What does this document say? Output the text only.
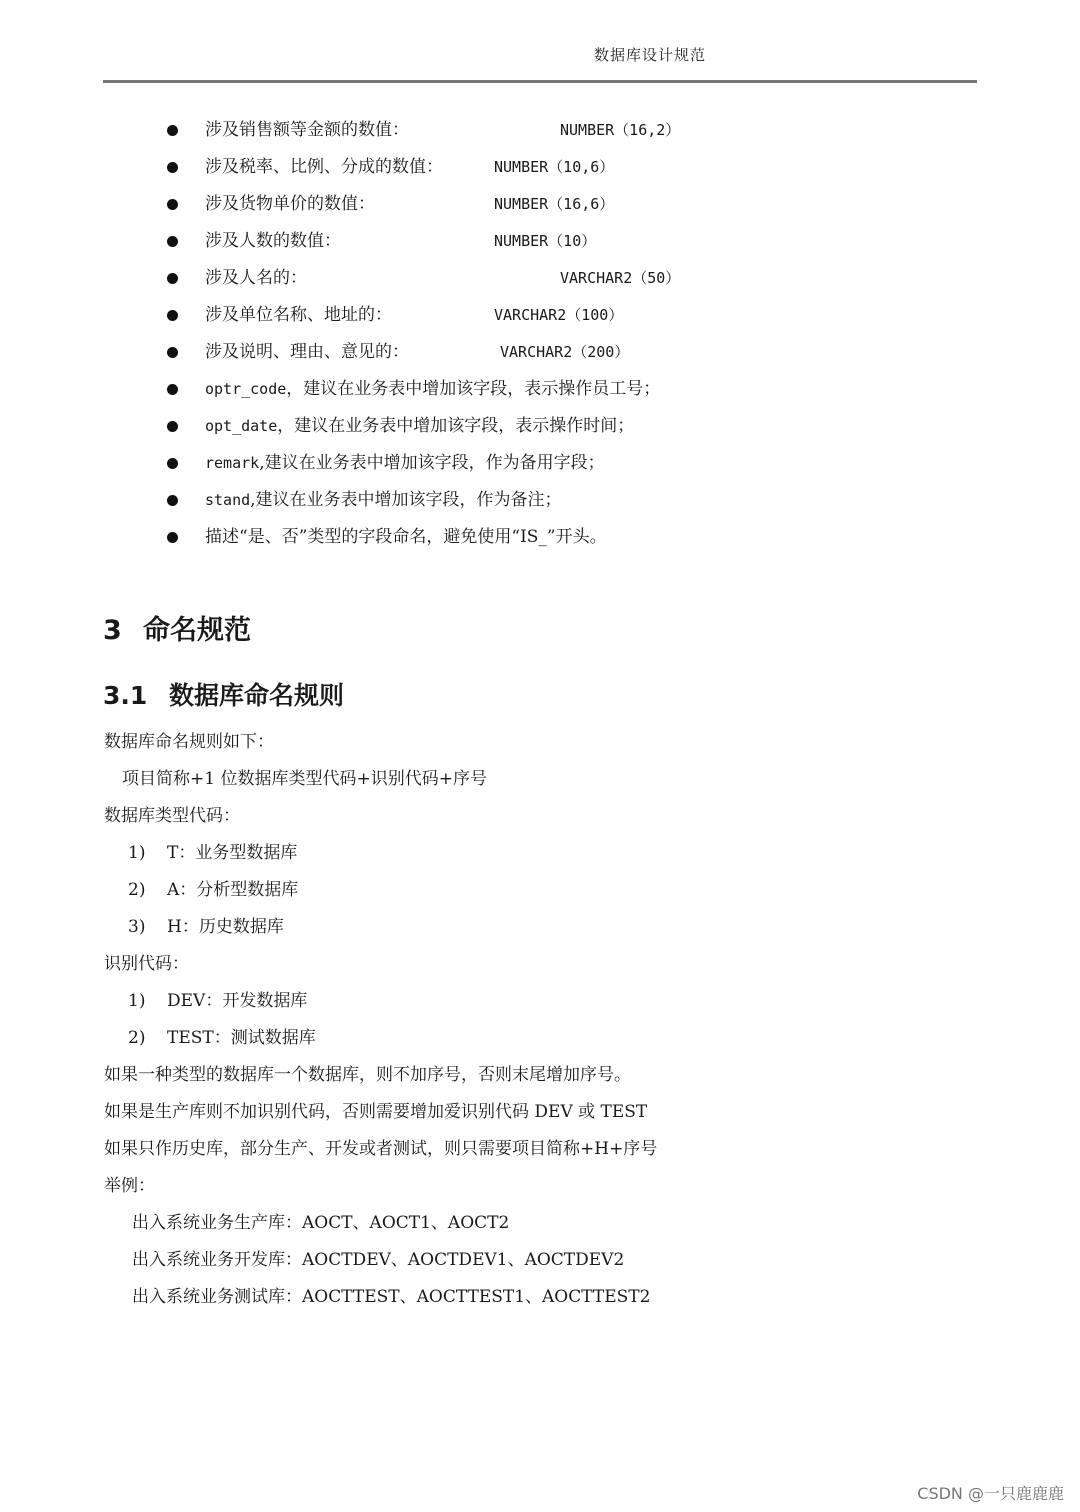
数据库设计规范
涉及销售额等金额的数值：	NUMBER（16,2）
涉及税率、比例、分成的数值：	NUMBER（10,6）
涉及货物单价的数值：	NUMBER（16,6）
涉及人数的数值：	NUMBER（10）
涉及人名的：	VARCHAR2（50）
涉及单位名称、地址的：	VARCHAR2（100）
涉及说明、理由、意见的：	VARCHAR2（200）
optr_code，建议在业务表中增加该字段，表示操作员工号；
opt_date，建议在业务表中增加该字段，表示操作时间；
remark,建议在业务表中增加该字段，作为备用字段；
stand,建议在业务表中增加该字段，作为备注；
描述“是、否”类型的字段命名，避免使用“IS_”开头。
3 命名规范
3.1 数据库命名规则
数据库命名规则如下：
项目简称+1 位数据库类型代码+识别代码+序号
数据库类型代码：
1) T：业务型数据库
2) A：分析型数据库
3) H：历史数据库
识别代码：
1) DEV：开发数据库
2) TEST：测试数据库
如果一种类型的数据库一个数据库，则不加序号，否则末尾增加序号。
如果是生产库则不加识别代码，否则需要增加爱识别代码 DEV 或 TEST
如果只作历史库，部分生产、开发或者测试，则只需要项目简称+H+序号
举例：
出入系统业务生产库：AOCT、AOCT1、AOCT2
出入系统业务开发库：AOCTDEV、AOCTDEV1、AOCTDEV2
出入系统业务测试库：AOCTTEST、AOCTTEST1、AOCTTEST2
CSDN @一只鹿鹿鹿
